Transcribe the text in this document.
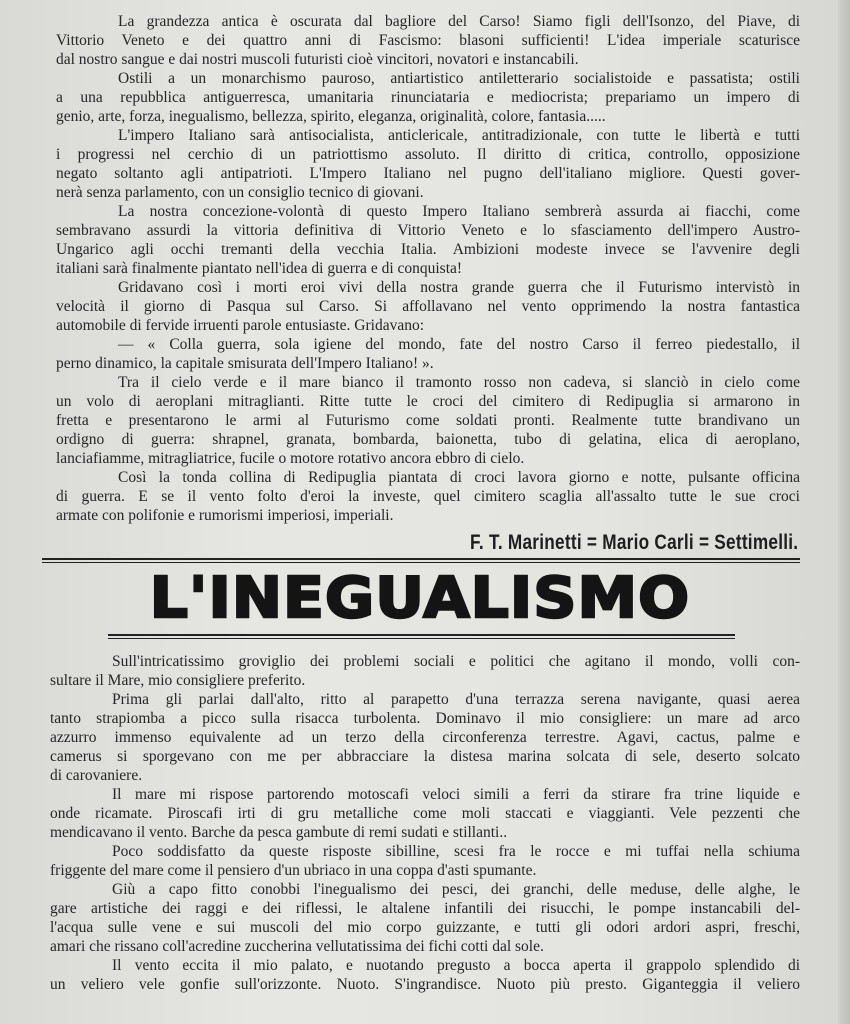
La grandezza antica è oscurata dal bagliore del Carso! Siamo figli dell'Isonzo, del Piave, di
Vittorio Veneto e dei quattro anni di Fascismo: blasoni sufficienti! L'idea imperiale scaturisce
dal nostro sangue e dai nostri muscoli futuristi cioè vincitori, novatori e instancabili.
Ostili a un monarchismo pauroso, antiartistico antiletterario socialistoide e passatista; ostili
a una repubblica antiguerresca, umanitaria rinunciataria e mediocrista; prepariamo un impero di
genio, arte, forza, inegualismo, bellezza, spirito, eleganza, originalità, colore, fantasia.....
L'impero Italiano sarà antisocialista, anticlericale, antitradizionale, con tutte le libertà e tutti
i progressi nel cerchio di un patriottismo assoluto. Il diritto di critica, controllo, opposizione
negato soltanto agli antipatrioti. L'Impero Italiano nel pugno dell'italiano migliore. Questi gover-
nerà senza parlamento, con un consiglio tecnico di giovani.
La nostra concezione-volontà di questo Impero Italiano sembrerà assurda ai fiacchi, come
sembravano assurdi la vittoria definitiva di Vittorio Veneto e lo sfasciamento dell'impero Austro-
Ungarico agli occhi tremanti della vecchia Italia. Ambizioni modeste invece se l'avvenire degli
italiani sarà finalmente piantato nell'idea di guerra e di conquista!
Gridavano così i morti eroi vivi della nostra grande guerra che il Futurismo intervistò in
velocità il giorno di Pasqua sul Carso. Si affollavano nel vento opprimendo la nostra fantastica
automobile di fervide irruenti parole entusiaste. Gridavano:
— « Colla guerra, sola igiene del mondo, fate del nostro Carso il ferreo piedestallo, il
perno dinamico, la capitale smisurata dell'Impero Italiano! ».
Tra il cielo verde e il mare bianco il tramonto rosso non cadeva, si slanciò in cielo come
un volo di aeroplani mitraglianti. Ritte tutte le croci del cimitero di Redipuglia si armarono in
fretta e presentarono le armi al Futurismo come soldati pronti. Realmente tutte brandivano un
ordigno di guerra: shrapnel, granata, bombarda, baionetta, tubo di gelatina, elica di aeroplano,
lanciafiamme, mitragliatrice, fucile o motore rotativo ancora ebbro di cielo.
Così la tonda collina di Redipuglia piantata di croci lavora giorno e notte, pulsante officina
di guerra. E se il vento folto d'eroi la investe, quel cimitero scaglia all'assalto tutte le sue croci
armate con polifonie e rumorismi imperiosi, imperiali.
F. T. Marinetti = Mario Carli = Settimelli.
L'INEGUALISMO
Sull'intricatissimo groviglio dei problemi sociali e politici che agitano il mondo, volli con-
sultare il Mare, mio consigliere preferito.
Prima gli parlai dall'alto, ritto al parapetto d'una terrazza serena navigante, quasi aerea
tanto strapiomba a picco sulla risacca turbolenta. Dominavo il mio consigliere: un mare ad arco
azzurro immenso equivalente ad un terzo della circonferenza terrestre. Agavi, cactus, palme e
camerus si sporgevano con me per abbracciare la distesa marina solcata di sele, deserto solcato
di carovaniere.
Il mare mi rispose partorendo motoscafi veloci simili a ferri da stirare fra trine liquide e
onde ricamate. Piroscafi irti di gru metalliche come moli staccati e viaggianti. Vele pezzenti che
mendicavano il vento. Barche da pesca gambute di remi sudati e stillanti..
Poco soddisfatto da queste risposte sibilline, scesi fra le rocce e mi tuffai nella schiuma
friggente del mare come il pensiero d'un ubriaco in una coppa d'asti spumante.
Giù a capo fitto conobbi l'inegualismo dei pesci, dei granchi, delle meduse, delle alghe, le
gare artistiche dei raggi e dei riflessi, le altalene infantili dei risucchi, le pompe instancabili del-
l'acqua sulle vene e sui muscoli del mio corpo guizzante, e tutti gli odori ardori aspri, freschi,
amari che rissano coll'acredine zuccherina vellutatissima dei fichi cotti dal sole.
Il vento eccita il mio palato, e nuotando pregusto a bocca aperta il grappolo splendido di
un veliero vele gonfie sull'orizzonte. Nuoto. S'ingrandisce. Nuoto più presto. Giganteggia il veliero
